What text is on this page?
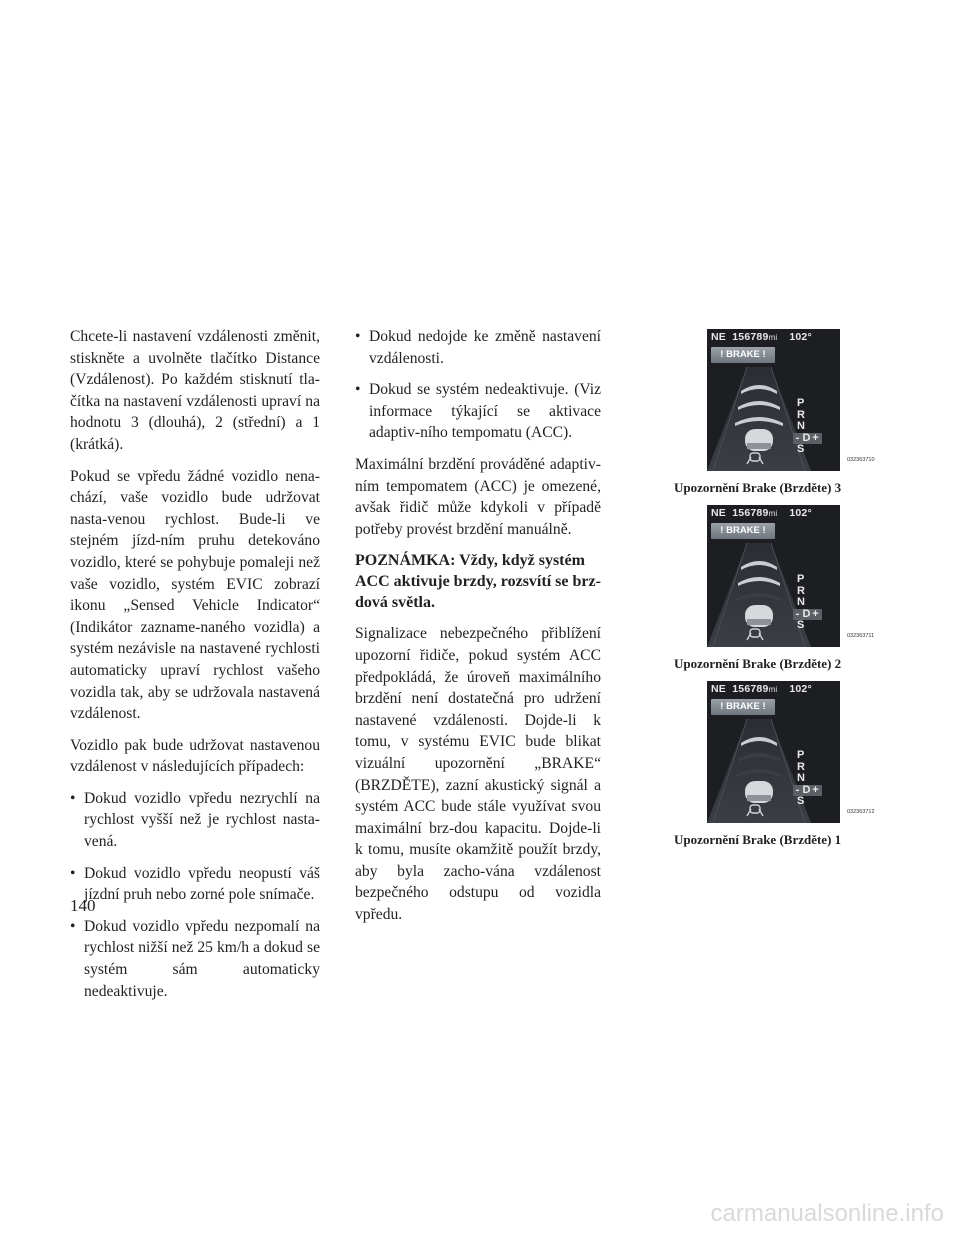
Chcete-li nastavení vzdálenosti změnit, stiskněte a uvolněte tlačítko Distance (Vzdálenost). Po každém stisknutí tla-čítka na nastavení vzdálenosti upraví na hodnotu 3 (dlouhá), 2 (střední) a 1 (krátká).

Pokud se vpředu žádné vozidlo nena-chází, vaše vozidlo bude udržovat nasta-venou rychlost. Bude-li ve stejném jízd-ním pruhu detekováno vozidlo, které se pohybuje pomaleji než vaše vozidlo, systém EVIC zobrazí ikonu „Sensed Vehicle Indicator“ (Indikátor zazname-naného vozidla) a systém nezávisle na nastavené rychlosti automaticky upraví rychlost vašeho vozidla tak, aby se udržovala nastavená vzdálenost.

Vozidlo pak bude udržovat nastavenou vzdálenost v následujících případech:

• Dokud vozidlo vpředu nezrychlí na rychlost vyšší než je rychlost nasta-vená.
• Dokud vozidlo vpředu neopustí váš jízdní pruh nebo zorné pole snímače.
• Dokud vozidlo vpředu nezpomalí na rychlost nižší než 25 km/h a dokud se systém sám automaticky nedeaktivuje.
• Dokud nedojde ke změně nastavení vzdálenosti.
• Dokud se systém nedeaktivuje. (Viz informace týkající se aktivace adaptiv-ního tempomatu (ACC).

Maximální brzdění prováděné adaptiv-ním tempomatem (ACC) je omezené, avšak řidič může kdykoli v případě potřeby provést brzdění manuálně.

POZNÁMKA: Vždy, když systém ACC aktivuje brzdy, rozsvítí se brz-dová světla.

Signalizace nebezpečného přiblížení upozorní řidiče, pokud systém ACC předpokládá, že úroveň maximálního brzdění není dostatečná pro udržení nastavené vzdálenosti. Dojde-li k tomu, v systému EVIC bude blikat vizuální upozornění „BRAKE“ (BRZDĚTE), zazní akustický signál a systém ACC bude stále využívat svou maximální brz-dou kapacitu. Dojde-li k tomu, musíte okamžitě použít brzdy, aby byla zacho-vána vzdálenost bezpečného odstupu od vozidla vpředu.

NE 156789mi 102°
! BRAKE !
P
R
N
- D +
S
032363710
Upozornění Brake (Brzděte) 3
NE 156789mi 102°
! BRAKE !
P
R
N
- D +
S
032363711
Upozornění Brake (Brzděte) 2
NE 156789mi 102°
! BRAKE !
P
R
N
- D +
S
032363712
Upozornění Brake (Brzděte) 1
140
carmanualsonline.info
